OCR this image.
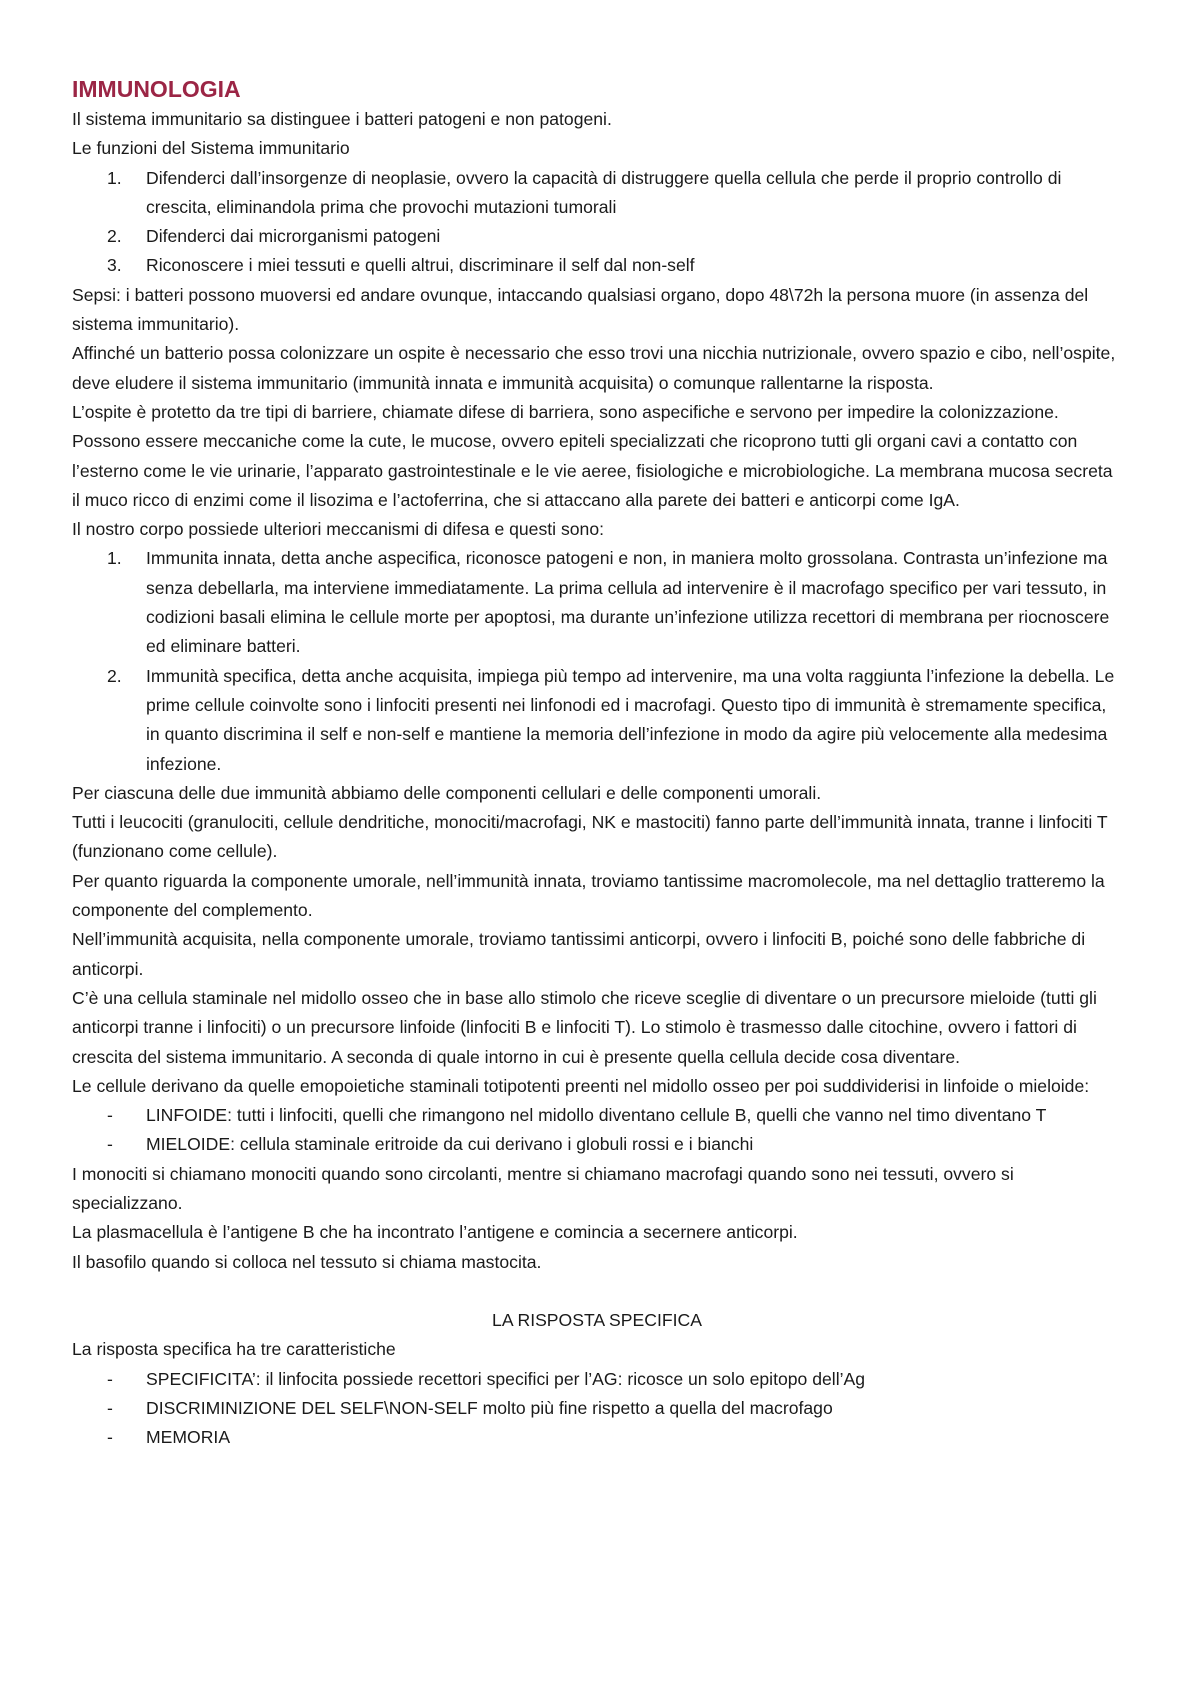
IMMUNOLOGIA

Il sistema immunitario sa distinguee i batteri patogeni e non patogeni.

Le funzioni del Sistema immunitario

1.	Difenderci dall’insorgenze di neoplasie, ovvero la capacità di distruggere quella cellula che perde il proprio controllo di crescita, eliminandola prima che provochi mutazioni tumorali
2.	Difenderci dai microrganismi patogeni
3.	Riconoscere i miei tessuti e quelli altrui, discriminare il self dal non-self

Sepsi: i batteri possono muoversi ed andare ovunque, intaccando qualsiasi organo, dopo 48\72h la persona muore (in assenza del sistema immunitario).

Affinché un batterio possa colonizzare un ospite è necessario che esso trovi una nicchia nutrizionale, ovvero spazio e cibo, nell’ospite, deve eludere il sistema immunitario (immunità innata e immunità acquisita) o comunque rallentarne la risposta.

L’ospite è protetto da tre tipi di barriere, chiamate difese di barriera, sono aspecifiche e servono per impedire la colonizzazione. Possono essere meccaniche come la cute, le mucose, ovvero epiteli specializzati che ricoprono tutti gli organi cavi a contatto con l’esterno come le vie urinarie, l’apparato gastrointestinale e le vie aeree, fisiologiche e microbiologiche. La membrana mucosa secreta il muco ricco di enzimi come il lisozima e l’actoferrina, che si attaccano alla parete dei batteri e anticorpi come IgA.

Il nostro corpo possiede ulteriori meccanismi di difesa e questi sono:

1.	Immunita innata, detta anche aspecifica, riconosce patogeni e non, in maniera molto grossolana. Contrasta un’infezione ma senza debellarla, ma interviene immediatamente. La prima cellula ad intervenire è il macrofago specifico per vari tessuto, in codizioni basali elimina le cellule morte per apoptosi, ma durante un’infezione utilizza recettori di membrana per riocnoscere ed eliminare batteri.
2.	Immunità specifica, detta anche acquisita, impiega più tempo ad intervenire, ma una volta raggiunta l’infezione la debella. Le prime cellule coinvolte sono i linfociti presenti nei linfonodi ed i macrofagi. Questo tipo di immunità è stremamente specifica, in quanto discrimina il self e non-self e mantiene la memoria dell’infezione in modo da agire più velocemente alla medesima infezione.

Per ciascuna delle due immunità abbiamo delle componenti cellulari e delle componenti umorali.

Tutti i leucociti (granulociti, cellule dendritiche, monociti/macrofagi, NK e mastociti) fanno parte dell’immunità innata, tranne i linfociti T (funzionano come cellule).

Per quanto riguarda la componente umorale, nell’immunità innata, troviamo tantissime macromolecole, ma nel dettaglio tratteremo la componente del complemento.

Nell’immunità acquisita, nella componente umorale, troviamo tantissimi anticorpi, ovvero i linfociti B, poiché sono delle fabbriche di anticorpi.

C’è una cellula staminale nel midollo osseo che in base allo stimolo che riceve sceglie di diventare o un precursore mieloide (tutti gli anticorpi tranne i linfociti) o un precursore linfoide (linfociti B e linfociti T). Lo stimolo è trasmesso dalle citochine, ovvero i fattori di crescita del sistema immunitario. A seconda di quale intorno in cui è presente quella cellula decide cosa diventare.

Le cellule derivano da quelle emopoietiche staminali totipotenti preenti nel midollo osseo per poi suddividerisi in linfoide o mieloide:

-	LINFOIDE: tutti i linfociti, quelli che rimangono nel midollo diventano cellule B, quelli che vanno nel timo diventano T
-	MIELOIDE: cellula staminale eritroide da cui derivano i globuli rossi e i bianchi

I monociti si chiamano monociti quando sono circolanti, mentre si chiamano macrofagi quando sono nei tessuti, ovvero si specializzano.

La plasmacellula è l’antigene B che ha incontrato l’antigene e comincia a secernere anticorpi.

Il basofilo quando si colloca nel tessuto si chiama mastocita.

LA RISPOSTA SPECIFICA

La risposta specifica ha tre caratteristiche

-	SPECIFICITA’: il linfocita possiede recettori specifici per l’AG: ricosce un solo epitopo dell’Ag
-	DISCRIMINIZIONE DEL SELF\NON-SELF molto più fine rispetto a quella del macrofago
-	MEMORIA
